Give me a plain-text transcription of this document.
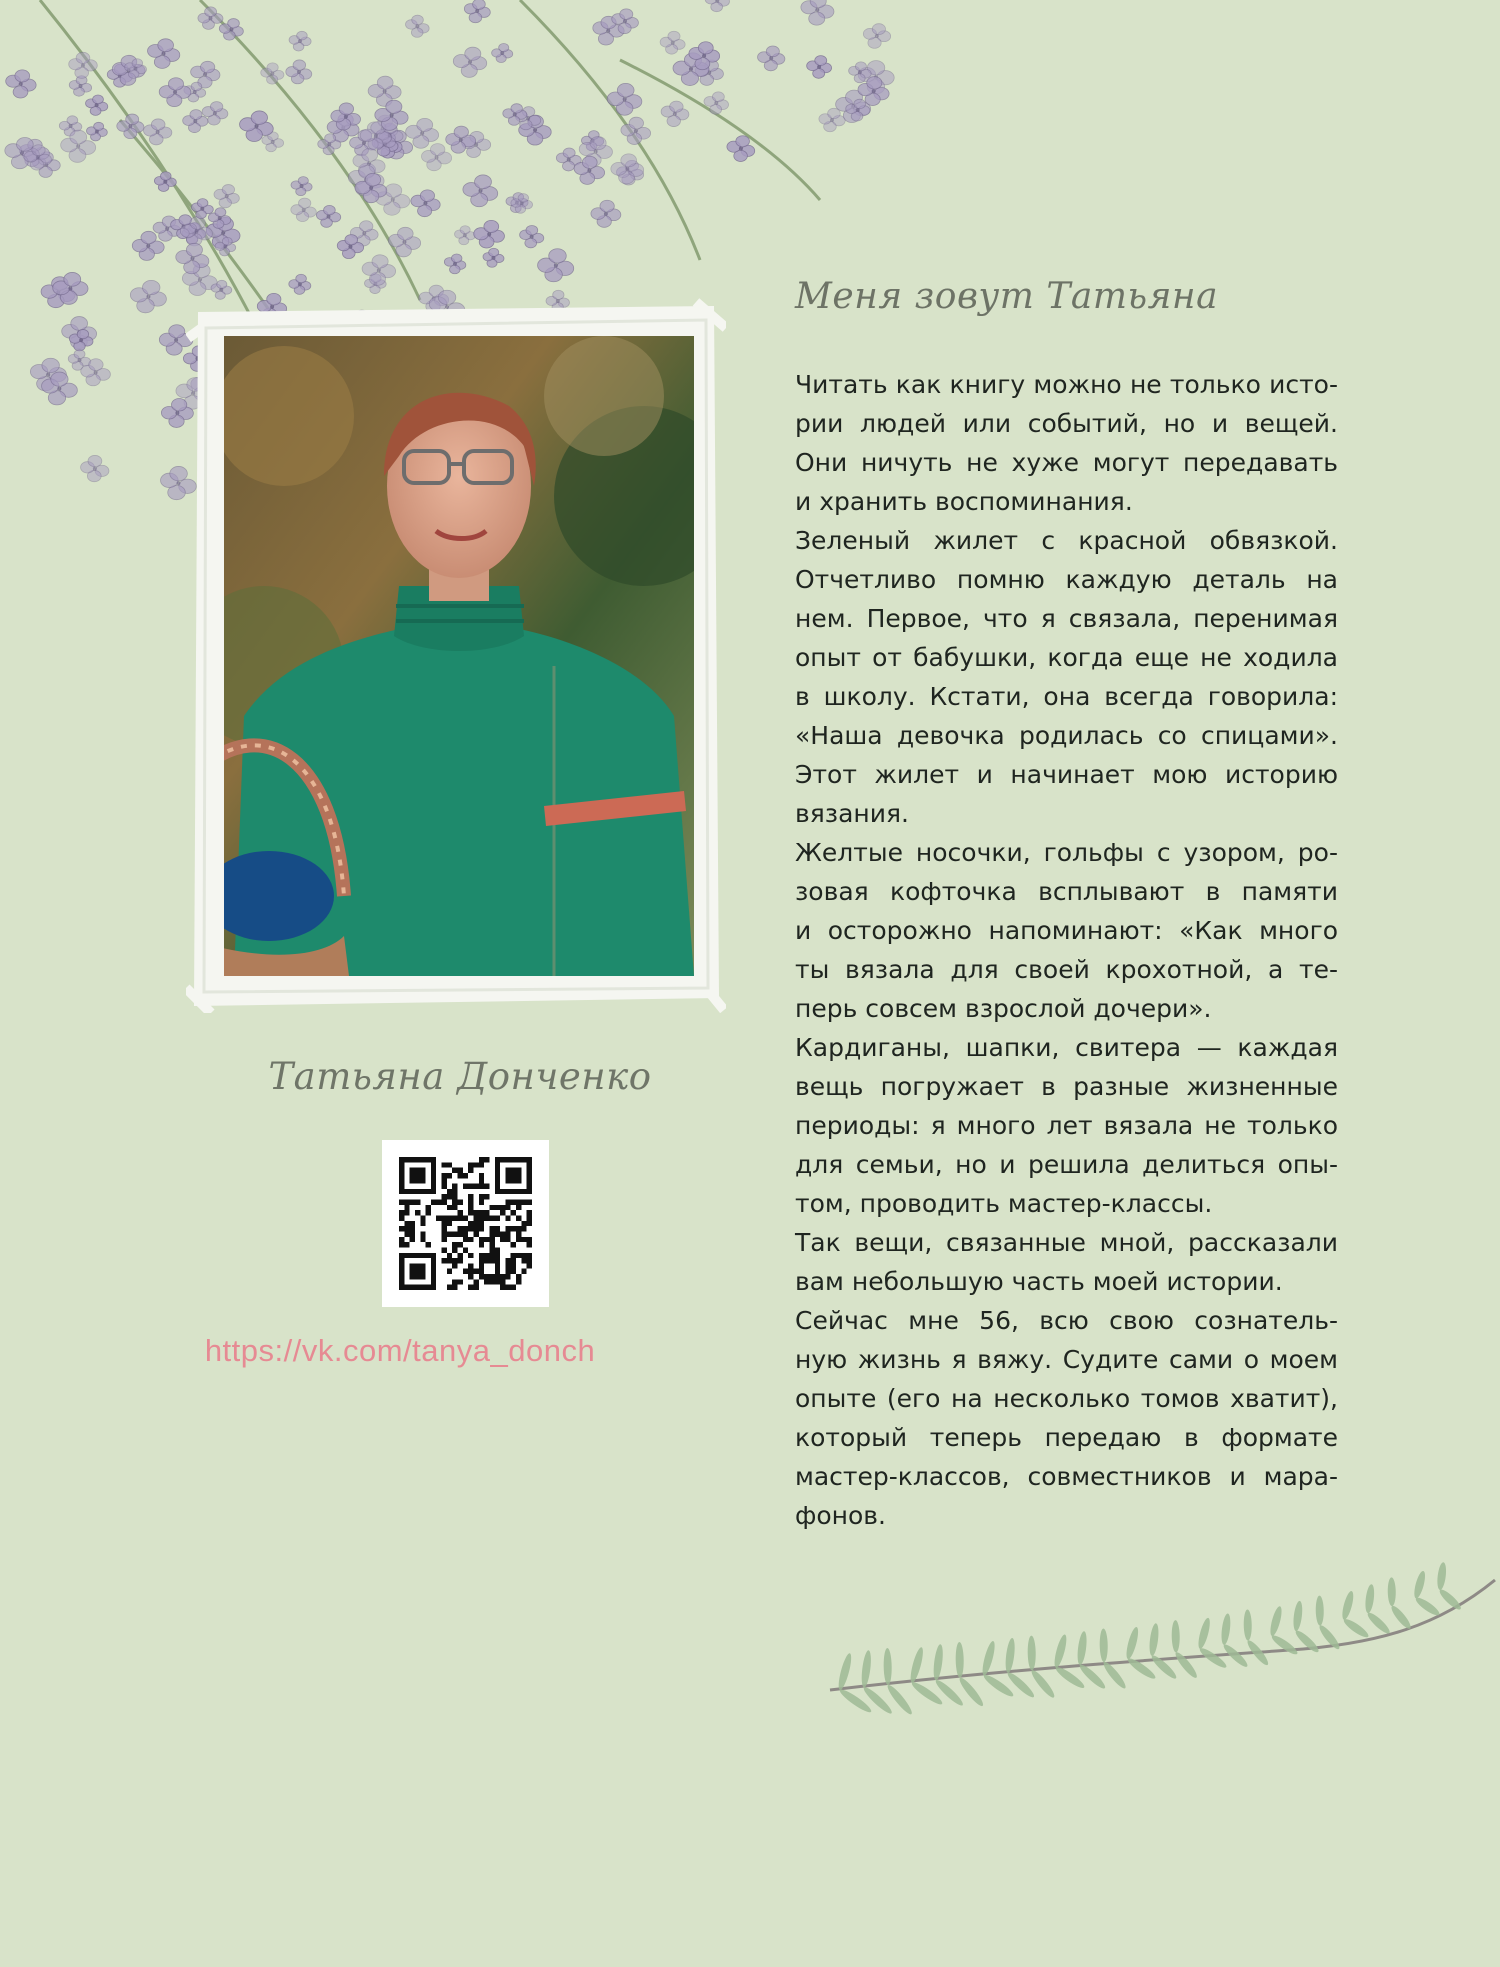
Татьяна Донченко
https://vk.com/tanya_donch
Меня зовут Татьяна

Читать как книгу можно не только исто-
рии людей или событий, но и вещей.
Они ничуть не хуже могут передавать
и хранить воспоминания.

Зеленый жилет с красной обвязкой.
Отчетливо помню каждую деталь на
нем. Первое, что я связала, перенимая
опыт от бабушки, когда еще не ходила
в школу. Кстати, она всегда говорила:
«Наша девочка родилась со спицами».
Этот жилет и начинает мою историю
вязания.

Желтые носочки, гольфы с узором, ро-
зовая кофточка всплывают в памяти
и осторожно напоминают: «Как много
ты вязала для своей крохотной, а те-
перь совсем взрослой дочери».

Кардиганы, шапки, свитера — каждая
вещь погружает в разные жизненные
периоды: я много лет вязала не только
для семьи, но и решила делиться опы-
том, проводить мастер-классы.

Так вещи, связанные мной, рассказали
вам небольшую часть моей истории.

Сейчас мне 56, всю свою сознатель-
ную жизнь я вяжу. Судите сами о моем
опыте (его на несколько томов хватит),
который теперь передаю в формате
мастер-классов, совместников и мара-
фонов.
